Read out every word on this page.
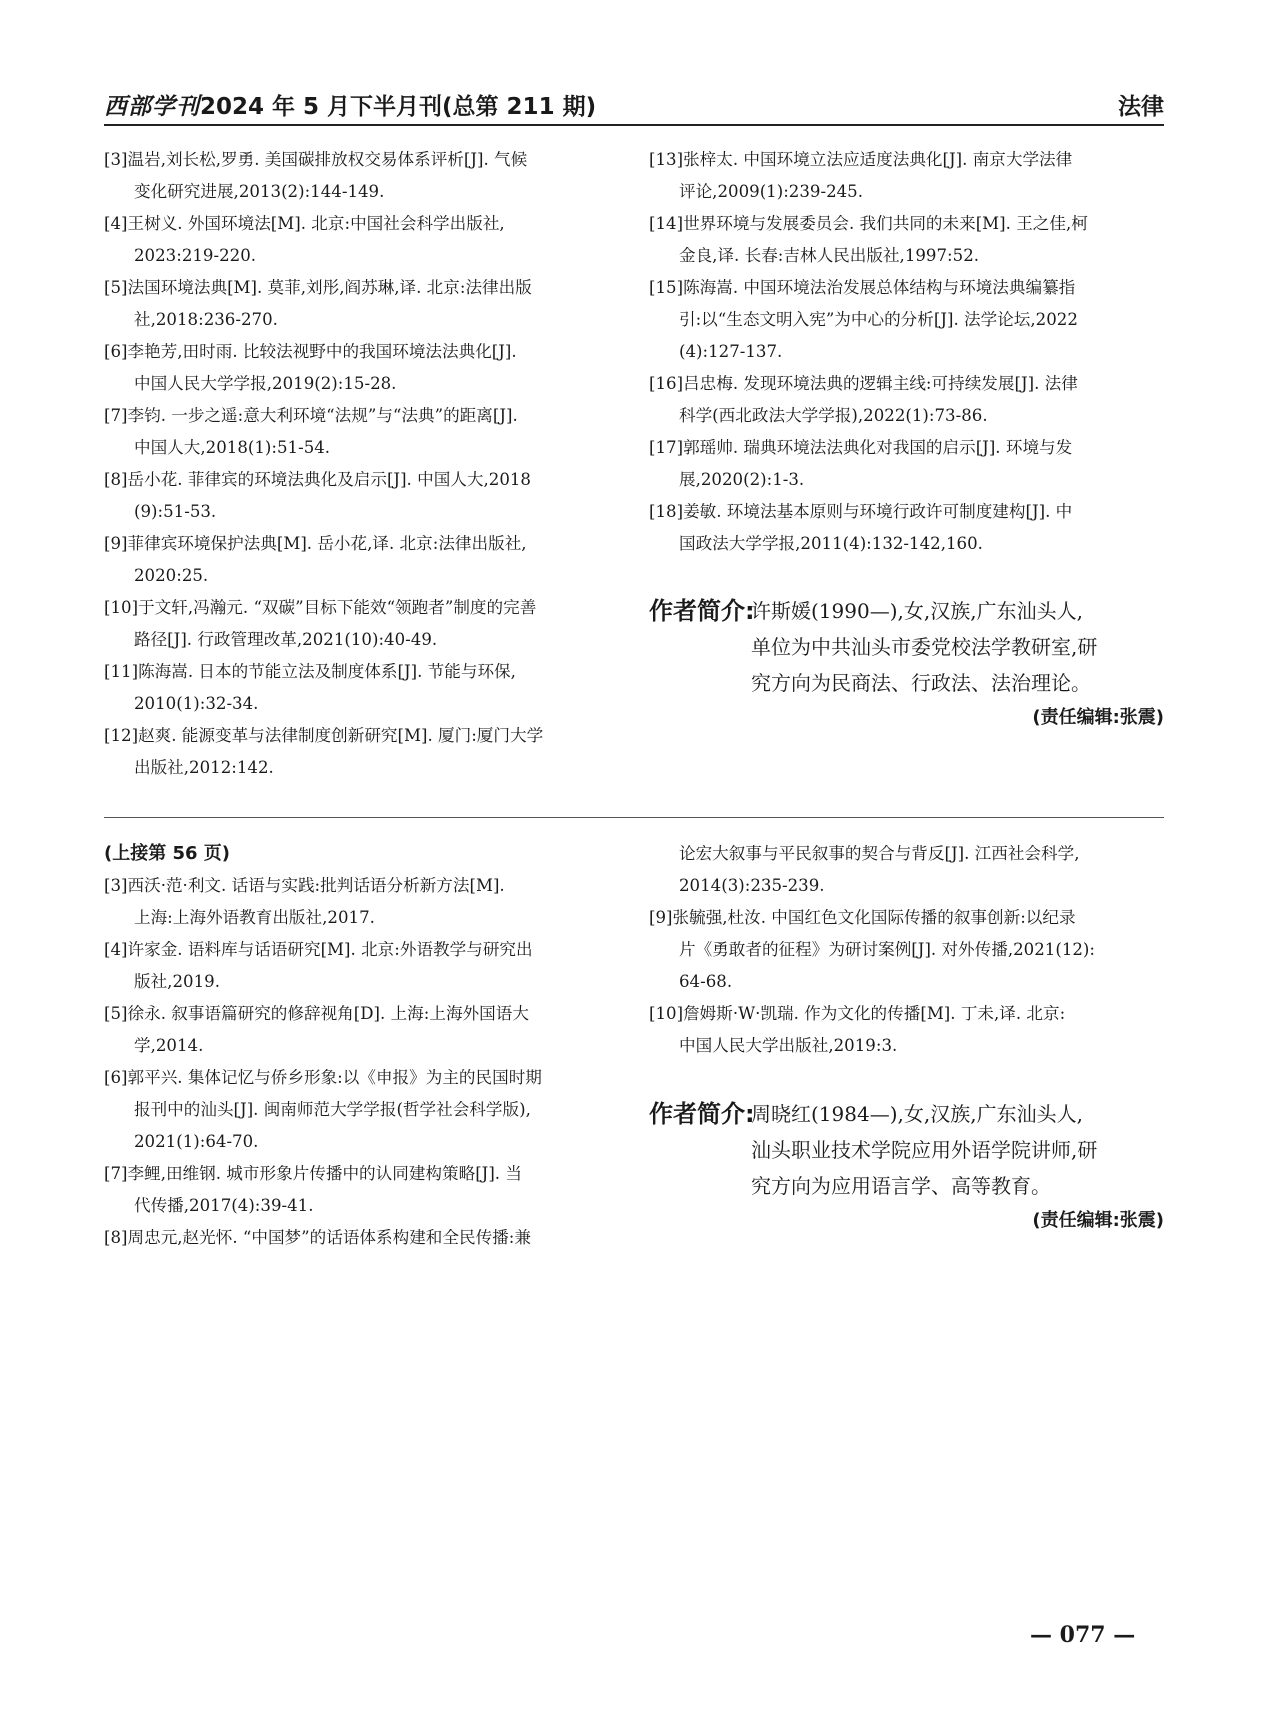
西部学刊2024 年 5 月下半月刊(总第 211 期)	法律
[3]温岩,刘长松,罗勇. 美国碳排放权交易体系评析[J]. 气候
变化研究进展,2013(2):144-149.
[4]王树义. 外国环境法[M]. 北京:中国社会科学出版社,
2023:219-220.
[5]法国环境法典[M]. 莫菲,刘彤,阎苏琳,译. 北京:法律出版
社,2018:236-270.
[6]李艳芳,田时雨. 比较法视野中的我国环境法法典化[J].
中国人民大学学报,2019(2):15-28.
[7]李钧. 一步之遥:意大利环境“法规”与“法典”的距离[J].
中国人大,2018(1):51-54.
[8]岳小花. 菲律宾的环境法典化及启示[J]. 中国人大,2018
(9):51-53.
[9]菲律宾环境保护法典[M]. 岳小花,译. 北京:法律出版社,
2020:25.
[10]于文轩,冯瀚元. “双碳”目标下能效“领跑者”制度的完善
路径[J]. 行政管理改革,2021(10):40-49.
[11]陈海嵩. 日本的节能立法及制度体系[J]. 节能与环保,
2010(1):32-34.
[12]赵爽. 能源变革与法律制度创新研究[M]. 厦门:厦门大学
出版社,2012:142.
[13]张梓太. 中国环境立法应适度法典化[J]. 南京大学法律
评论,2009(1):239-245.
[14]世界环境与发展委员会. 我们共同的未来[M]. 王之佳,柯
金良,译. 长春:吉林人民出版社,1997:52.
[15]陈海嵩. 中国环境法治发展总体结构与环境法典编纂指
引:以“生态文明入宪”为中心的分析[J]. 法学论坛,2022
(4):127-137.
[16]吕忠梅. 发现环境法典的逻辑主线:可持续发展[J]. 法律
科学(西北政法大学学报),2022(1):73-86.
[17]郭瑶帅. 瑞典环境法法典化对我国的启示[J]. 环境与发
展,2020(2):1-3.
[18]姜敏. 环境法基本原则与环境行政许可制度建构[J]. 中
国政法大学学报,2011(4):132-142,160.
作者简介:

许斯媛(1990—),女,汉族,广东汕头人,

单位为中共汕头市委党校法学教研室,研

究方向为民商法、行政法、法治理论。

(责任编辑:张震)
(上接第 56 页)
[3]西沃·范·利文. 话语与实践:批判话语分析新方法[M].
上海:上海外语教育出版社,2017.
[4]许家金. 语料库与话语研究[M]. 北京:外语教学与研究出
版社,2019.
[5]徐永. 叙事语篇研究的修辞视角[D]. 上海:上海外国语大
学,2014.
[6]郭平兴. 集体记忆与侨乡形象:以《申报》为主的民国时期
报刊中的汕头[J]. 闽南师范大学学报(哲学社会科学版),
2021(1):64-70.
[7]李鲤,田维钢. 城市形象片传播中的认同建构策略[J]. 当
代传播,2017(4):39-41.
[8]周忠元,赵光怀. “中国梦”的话语体系构建和全民传播:兼
论宏大叙事与平民叙事的契合与背反[J]. 江西社会科学,
2014(3):235-239.
[9]张毓强,杜汝. 中国红色文化国际传播的叙事创新:以纪录
片《勇敢者的征程》为研讨案例[J]. 对外传播,2021(12):
64-68.
[10]詹姆斯·W·凯瑞. 作为文化的传播[M]. 丁未,译. 北京:
中国人民大学出版社,2019:3.
作者简介:

周晓红(1984—),女,汉族,广东汕头人,

汕头职业技术学院应用外语学院讲师,研

究方向为应用语言学、高等教育。

(责任编辑:张震)
— 077 —
